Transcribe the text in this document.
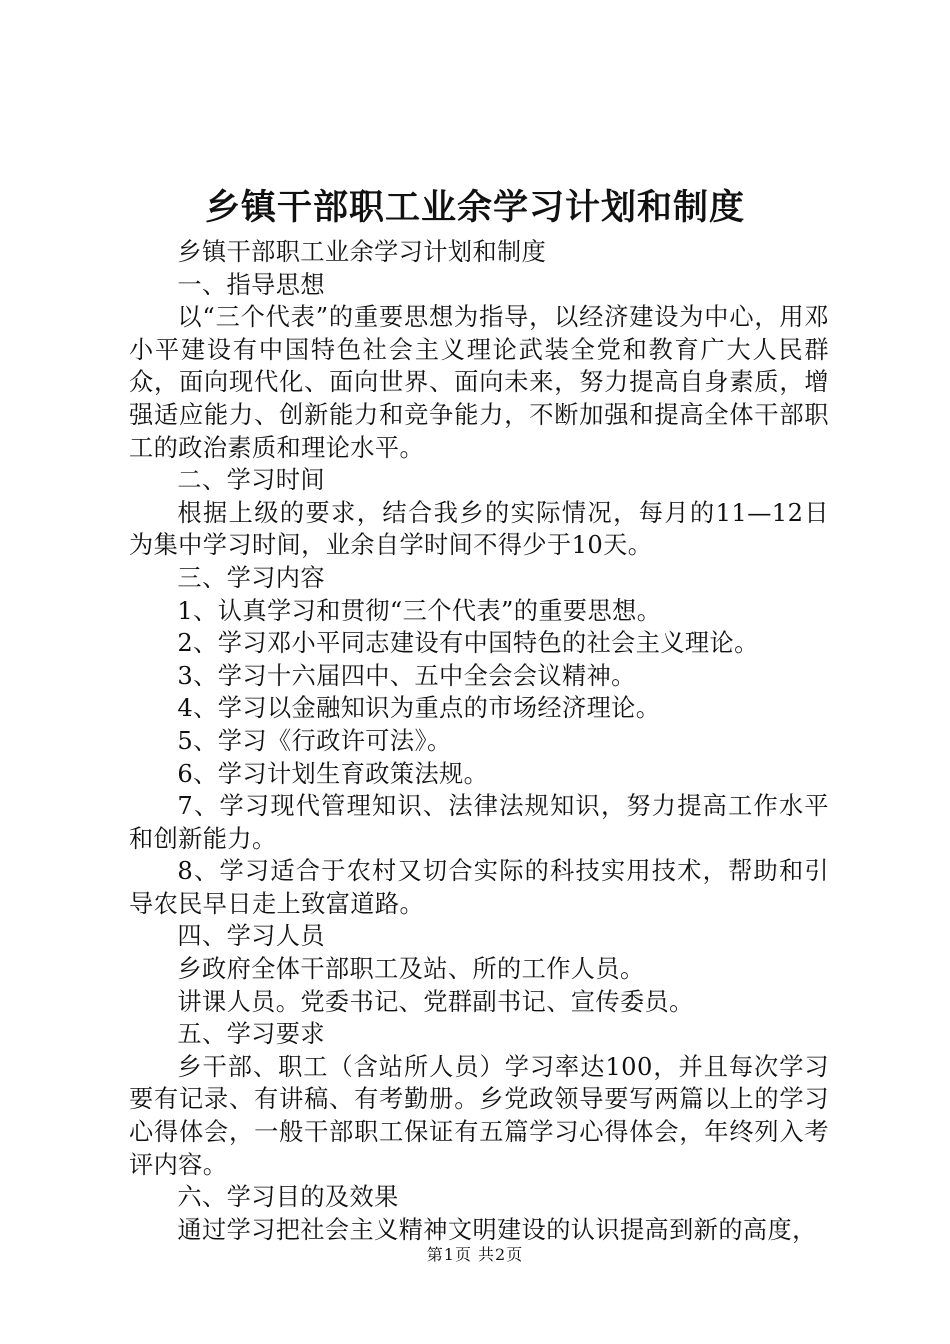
乡镇干部职工业余学习计划和制度

乡镇干部职工业余学习计划和制度

一、指导思想

以“三个代表”的重要思想为指导，以经济建设为中心，用邓小平建设有中国特色社会主义理论武装全党和教育广大人民群众，面向现代化、面向世界、面向未来，努力提高自身素质，增强适应能力、创新能力和竞争能力，不断加强和提高全体干部职工的政治素质和理论水平。

二、学习时间

根据上级的要求，结合我乡的实际情况，每月的11—12日为集中学习时间，业余自学时间不得少于10天。

三、学习内容

1、认真学习和贯彻“三个代表”的重要思想。

2、学习邓小平同志建设有中国特色的社会主义理论。

3、学习十六届四中、五中全会会议精神。

4、学习以金融知识为重点的市场经济理论。

5、学习《行政许可法》。

6、学习计划生育政策法规。

7、学习现代管理知识、法律法规知识，努力提高工作水平和创新能力。

8、学习适合于农村又切合实际的科技实用技术，帮助和引导农民早日走上致富道路。

四、学习人员

乡政府全体干部职工及站、所的工作人员。

讲课人员。党委书记、党群副书记、宣传委员。

五、学习要求

乡干部、职工（含站所人员）学习率达100，并且每次学习要有记录、有讲稿、有考勤册。乡党政领导要写两篇以上的学习心得体会，一般干部职工保证有五篇学习心得体会，年终列入考评内容。

六、学习目的及效果

通过学习把社会主义精神文明建设的认识提高到新的高度，

第1页 共2页
